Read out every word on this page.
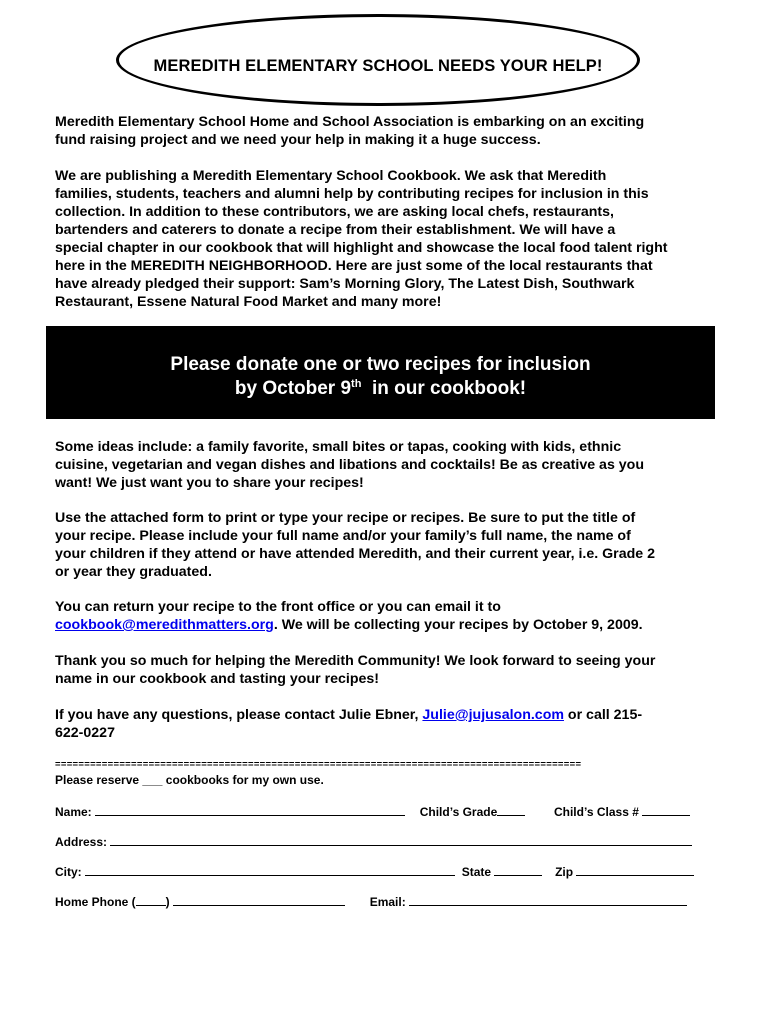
MEREDITH ELEMENTARY SCHOOL NEEDS YOUR HELP!
Meredith Elementary School Home and School Association is embarking on an exciting
fund raising project and we need your help in making it a huge success.
We are publishing a Meredith Elementary School Cookbook. We ask that Meredith
families, students, teachers and alumni help by contributing recipes for inclusion in this
collection. In addition to these contributors, we are asking local chefs, restaurants,
bartenders and caterers to donate a recipe from their establishment. We will have a
special chapter in our cookbook that will highlight and showcase the local food talent right
here in the MEREDITH NEIGHBORHOOD. Here are just some of the local restaurants that
have already pledged their support: Sam’s Morning Glory, The Latest Dish, Southwark
Restaurant, Essene Natural Food Market and many more!
Please donate one or two recipes for inclusion
by October 9th  in our cookbook!
Some ideas include: a family favorite, small bites or tapas, cooking with kids, ethnic
cuisine, vegetarian and vegan dishes and libations and cocktails! Be as creative as you
want! We just want you to share your recipes!
Use the attached form to print or type your recipe or recipes. Be sure to put the title of
your recipe. Please include your full name and/or your family’s full name, the name of
your children if they attend or have attended Meredith, and their current year, i.e. Grade 2
or year they graduated.
You can return your recipe to the front office or you can email it to
cookbook@meredithmatters.org. We will be collecting your recipes by October 9, 2009.
Thank you so much for helping the Meredith Community! We look forward to seeing your
name in our cookbook and tasting your recipes!
If you have any questions, please contact Julie Ebner, Julie@jujusalon.com or call 215-
622-0227
==========================================================================================
Please reserve ___ cookbooks for my own use.
Name:	Child’s Grade	Child’s Class #
Address:
City:	State	Zip
Home Phone (	)	Email:
